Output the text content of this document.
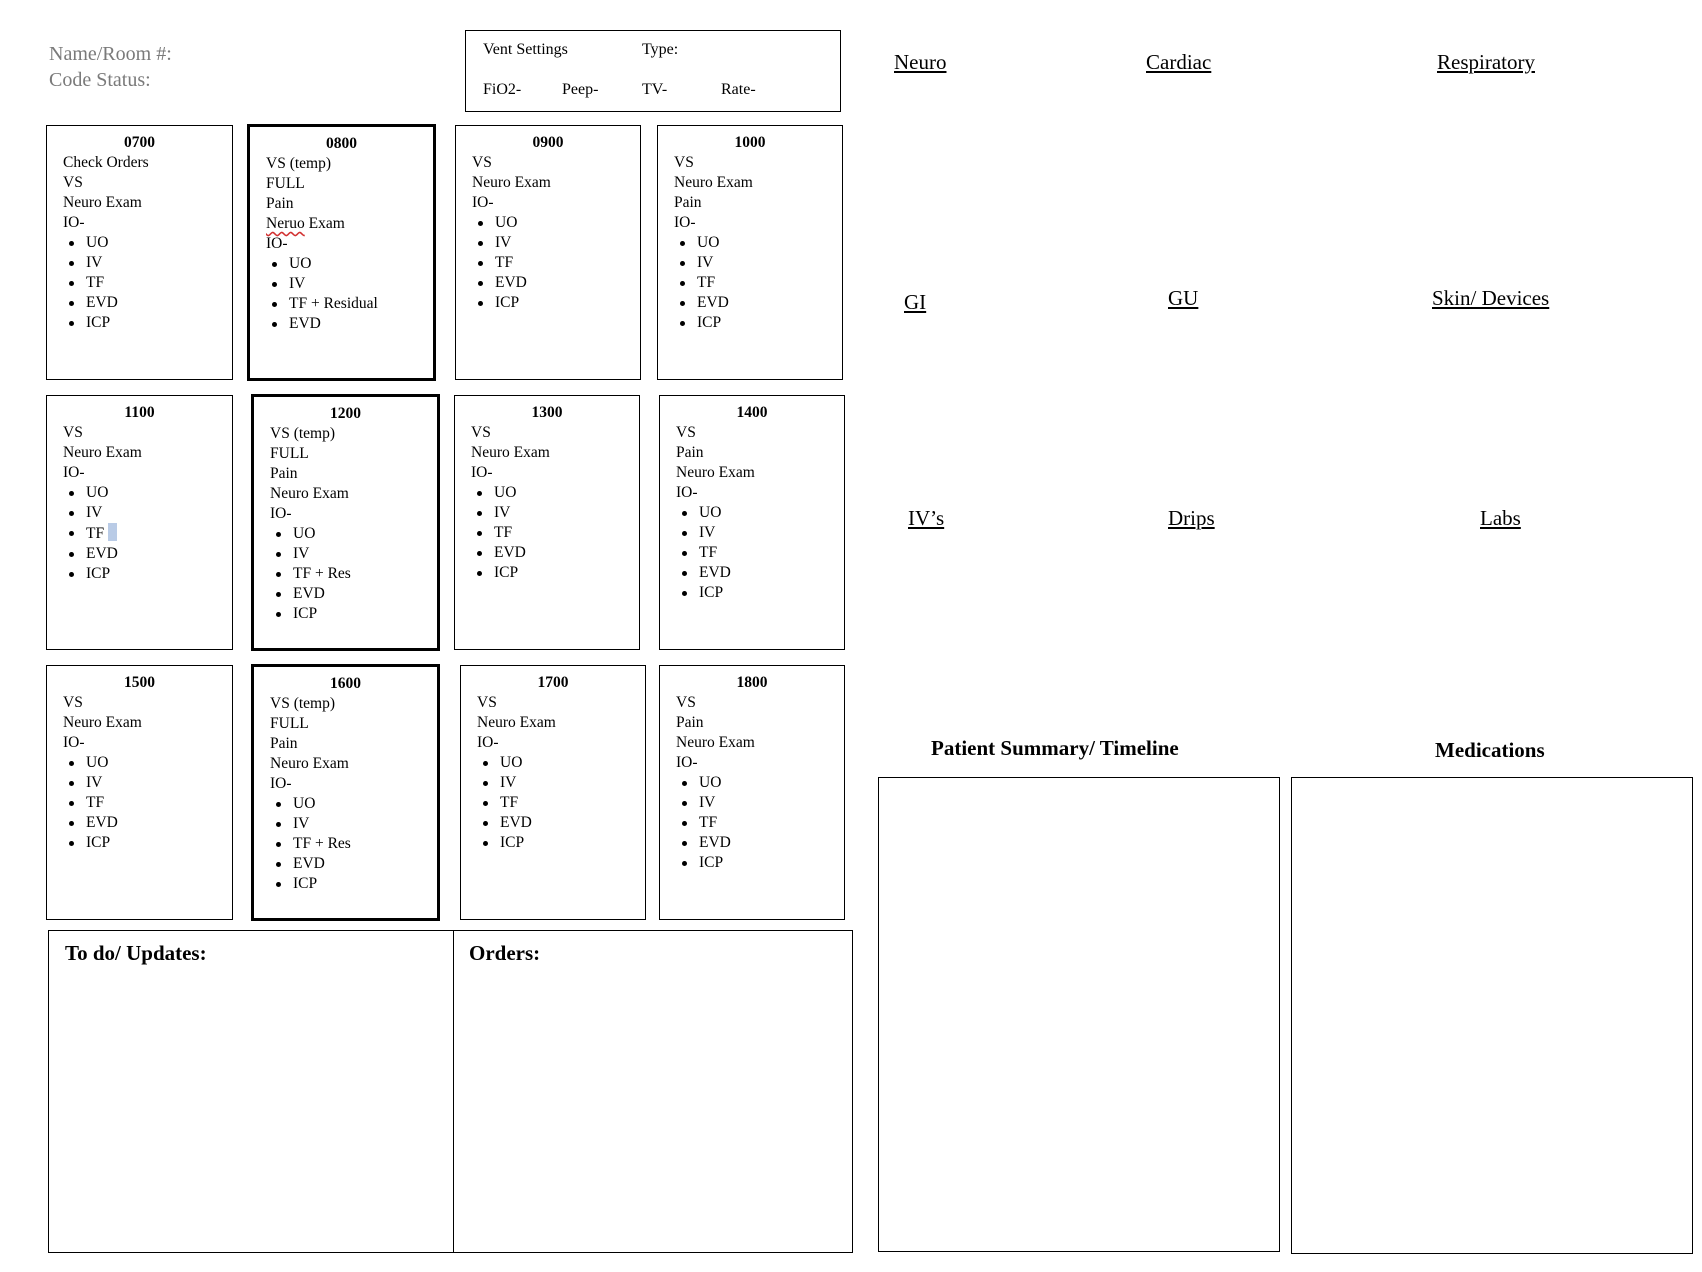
Name/Room #:
Code Status:
Vent Settings	Type:
FiO2-	Peep-	TV-	Rate-
0700
Check Orders
VS
Neuro Exam
IO-
UO
IV
TF
EVD
ICP
0800
VS (temp)
FULL
Pain
Neruo Exam
IO-
UO
IV
TF + Residual
EVD
0900
VS
Neuro Exam
IO-
UO
IV
TF
EVD
ICP
1000
VS
Neuro Exam
Pain
IO-
UO
IV
TF
EVD
ICP
1100
VS
Neuro Exam
IO-
UO
IV
TF
EVD
ICP
1200
VS (temp)
FULL
Pain
Neuro Exam
IO-
UO
IV
TF + Res
EVD
ICP
1300
VS
Neuro Exam
IO-
UO
IV
TF
EVD
ICP
1400
VS
Pain
Neuro Exam
IO-
UO
IV
TF
EVD
ICP
1500
VS
Neuro Exam
IO-
UO
IV
TF
EVD
ICP
1600
VS (temp)
FULL
Pain
Neuro Exam
IO-
UO
IV
TF + Res
EVD
ICP
1700
VS
Neuro Exam
IO-
UO
IV
TF
EVD
ICP
1800
VS
Pain
Neuro Exam
IO-
UO
IV
TF
EVD
ICP
Neuro	Cardiac	Respiratory
GI	GU	Skin/ Devices
IV’s	Drips	Labs
Patient Summary/ Timeline	Medications
To do/ Updates:	Orders:
